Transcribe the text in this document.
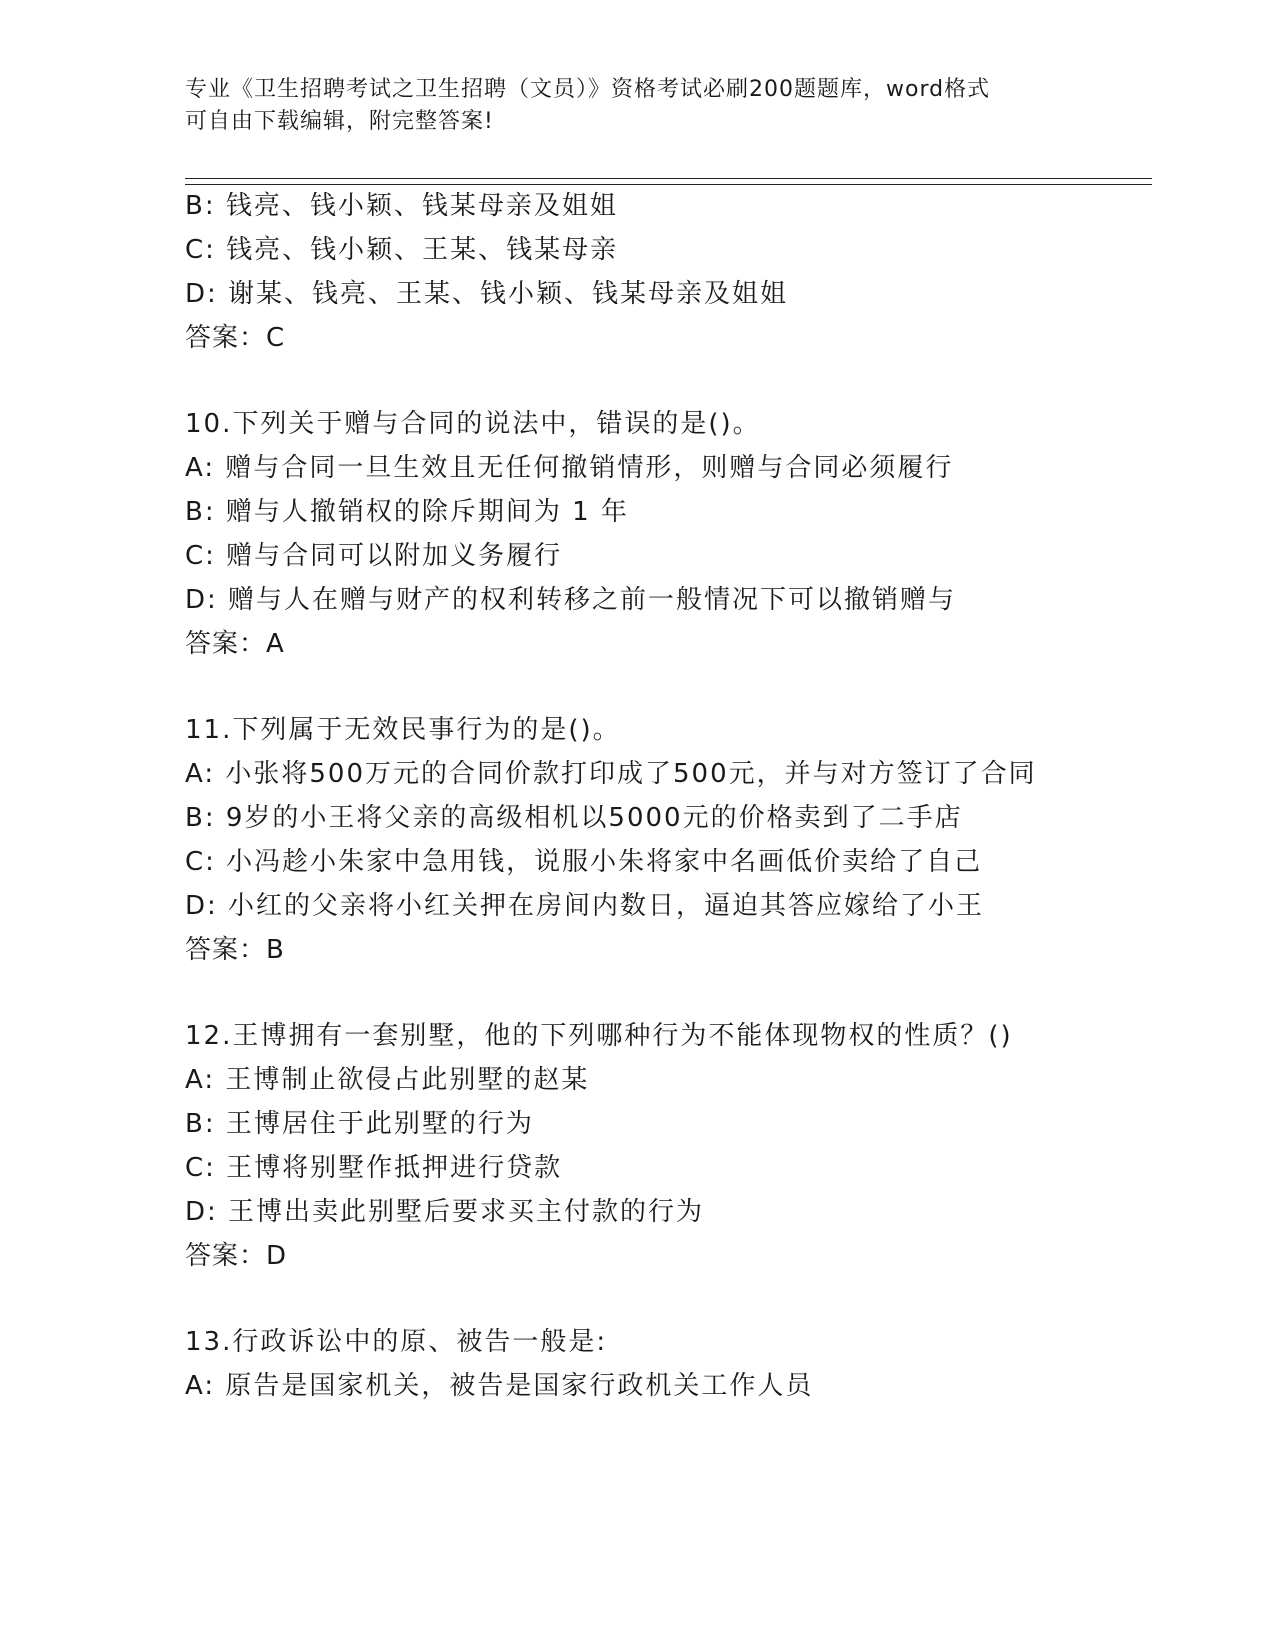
专业《卫生招聘考试之卫生招聘（文员）》资格考试必刷200题题库，word格式
可自由下载编辑，附完整答案!
B: 钱亮、钱小颖、钱某母亲及姐姐
C: 钱亮、钱小颖、王某、钱某母亲
D: 谢某、钱亮、王某、钱小颖、钱某母亲及姐姐
答案：C
10.下列关于赠与合同的说法中，错误的是()。
A: 赠与合同一旦生效且无任何撤销情形，则赠与合同必须履行
B: 赠与人撤销权的除斥期间为 1 年
C: 赠与合同可以附加义务履行
D: 赠与人在赠与财产的权利转移之前一般情况下可以撤销赠与
答案：A
11.下列属于无效民事行为的是()。
A: 小张将500万元的合同价款打印成了500元，并与对方签订了合同
B: 9岁的小王将父亲的高级相机以5000元的价格卖到了二手店
C: 小冯趁小朱家中急用钱，说服小朱将家中名画低价卖给了自己
D: 小红的父亲将小红关押在房间内数日，逼迫其答应嫁给了小王
答案：B
12.王博拥有一套别墅，他的下列哪种行为不能体现物权的性质？()
A: 王博制止欲侵占此别墅的赵某
B: 王博居住于此别墅的行为
C: 王博将别墅作抵押进行贷款
D: 王博出卖此别墅后要求买主付款的行为
答案：D
13.行政诉讼中的原、被告一般是:
A: 原告是国家机关，被告是国家行政机关工作人员
